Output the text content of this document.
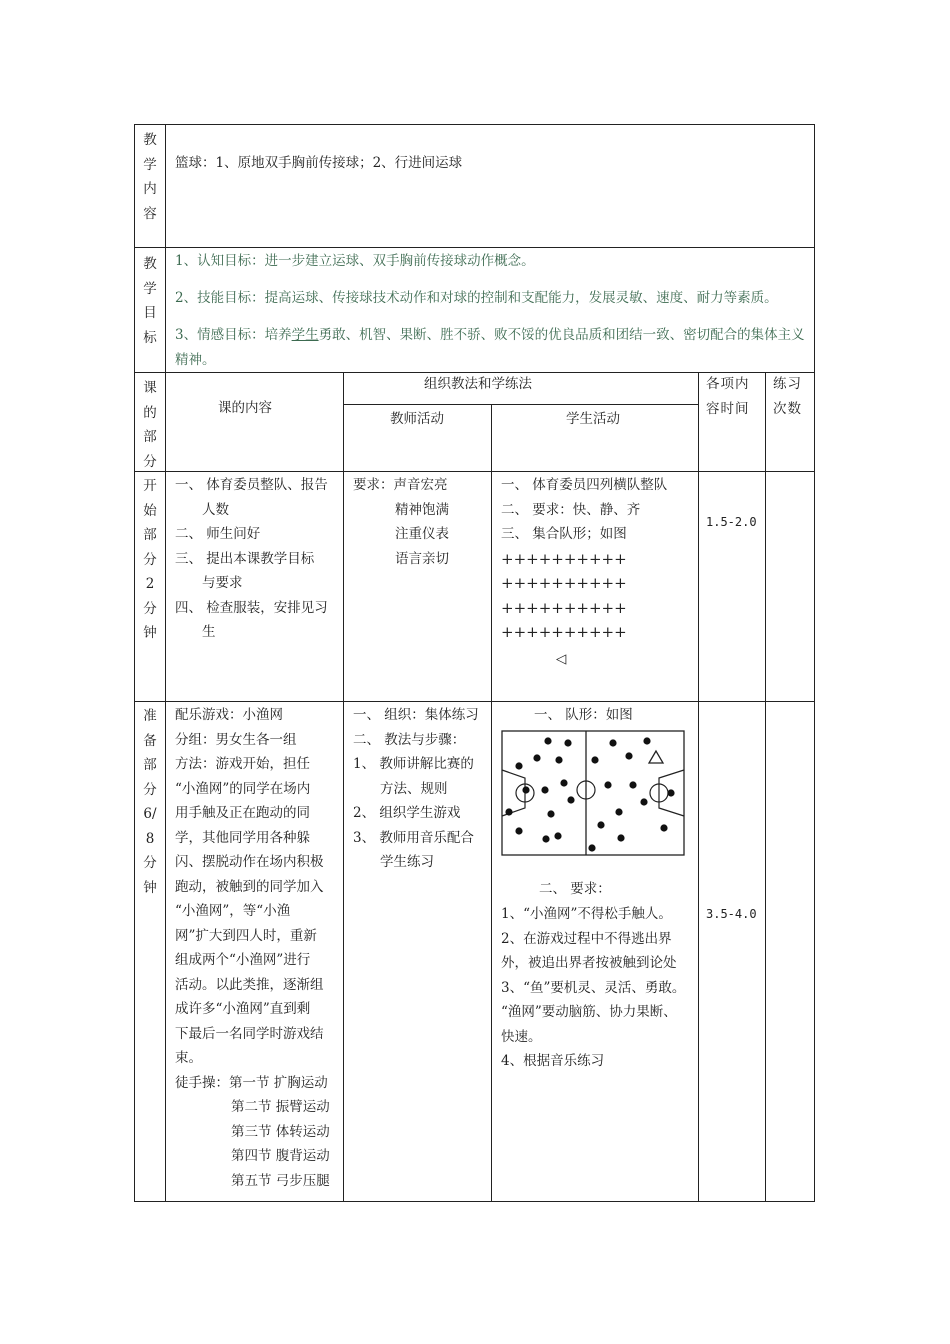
教学内容
篮球：1、原地双手胸前传接球；2、行进间运球
教学目标
1、认知目标：进一步建立运球、双手胸前传接球动作概念。
2、技能目标：提高运球、传接球技术动作和对球的控制和支配能力，发展灵敏、速度、耐力等素质。
3、情感目标：培养学生勇敢、机智、果断、胜不骄、败不馁的优良品质和团结一致、密切配合的集体主义精神。
课的部分
课的内容
组织教法和学练法
教师活动	学生活动
各项内容时间
练习次数
开始部分2分钟
一、 体育委员整队、报告
人数
二、 师生问好
三、 提出本课教学目标
与要求
四、 检查服装，安排见习
生
要求：声音宏亮
精神饱满
注重仪表
语言亲切
一、 体育委员四列横队整队
二、 要求：快、静、齐
三、 集合队形；如图
++++++++++
++++++++++
++++++++++
++++++++++
◁
1.5-2.0
准备部分6/8分钟
配乐游戏：小渔网
分组：男女生各一组
方法：游戏开始，担任
“小渔网”的同学在场内
用手触及正在跑动的同
学，其他同学用各种躲
闪、摆脱动作在场内积极
跑动，被触到的同学加入
“小渔网”，等“小渔
网”扩大到四人时，重新
组成两个“小渔网”进行
活动。以此类推，逐渐组
成许多“小渔网”直到剩
下最后一名同学时游戏结
束。
徒手操：第一节 扩胸运动
第二节 振臂运动
第三节 体转运动
第四节 腹背运动
第五节 弓步压腿
一、 组织：集体练习
二、 教法与步骤：
1、 教师讲解比赛的
方法、规则
2、 组织学生游戏
3、 教师用音乐配合
学生练习
一、 队形：如图
二、 要求：
1、“小渔网”不得松手触人。
2、在游戏过程中不得逃出界
外，被追出界者按被触到论处
3、“鱼”要机灵、灵活、勇敢。
“渔网”要动脑筋、协力果断、
快速。
4、根据音乐练习
3.5-4.0
